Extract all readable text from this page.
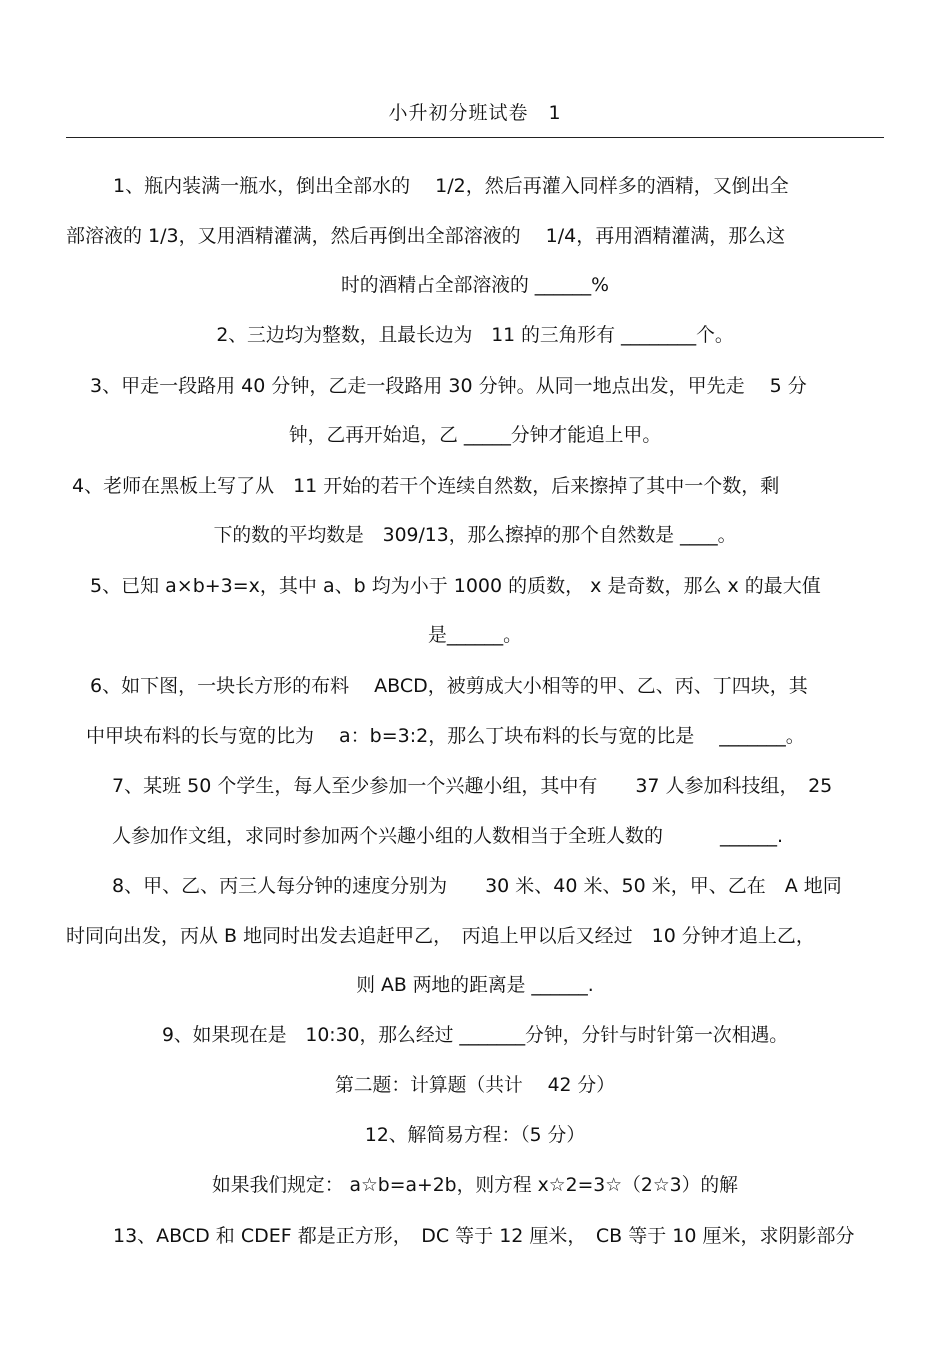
小升初分班试卷　1
1、瓶内装满一瓶水，倒出全部水的　 1/2，然后再灌入同样多的酒精，又倒出全
部溶液的 1/3，又用酒精灌满，然后再倒出全部溶液的　 1/4，再用酒精灌满，那么这
时的酒精占全部溶液的 ______%
2、三边均为整数，且最长边为　11 的三角形有 ________个。
3、甲走一段路用 40 分钟，乙走一段路用 30 分钟。从同一地点出发，甲先走　 5 分
钟，乙再开始追，乙 _____分钟才能追上甲。
4、老师在黑板上写了从　11 开始的若干个连续自然数，后来擦掉了其中一个数，剩
下的数的平均数是　309/13，那么擦掉的那个自然数是 ____。
5、已知 a×b+3=x，其中 a、b 均为小于 1000 的质数， x 是奇数，那么 x 的最大值
是______。
6、如下图，一块长方形的布料　 ABCD，被剪成大小相等的甲、乙、丙、丁四块，其
中甲块布料的长与宽的比为　 a：b=3:2，那么丁块布料的长与宽的比是　 _______。
7、某班 50 个学生，每人至少参加一个兴趣小组，其中有　　37 人参加科技组，　25
人参加作文组，求同时参加两个兴趣小组的人数相当于全班人数的　　　______.
8、甲、乙、丙三人每分钟的速度分别为　　30 米、40 米、50 米，甲、乙在　A 地同
时同向出发，丙从 B 地同时出发去追赶甲乙，　丙追上甲以后又经过　10 分钟才追上乙，
则 AB 两地的距离是 ______.
9、如果现在是　10:30，那么经过 _______分钟，分针与时针第一次相遇。
第二题：计算题（共计　 42 分）
12、解简易方程：（5 分）
如果我们规定： a☆b=a+2b，则方程 x☆2=3☆（2☆3）的解
13、ABCD 和 CDEF 都是正方形，　DC 等于 12 厘米，　CB 等于 10 厘米，求阴影部分
